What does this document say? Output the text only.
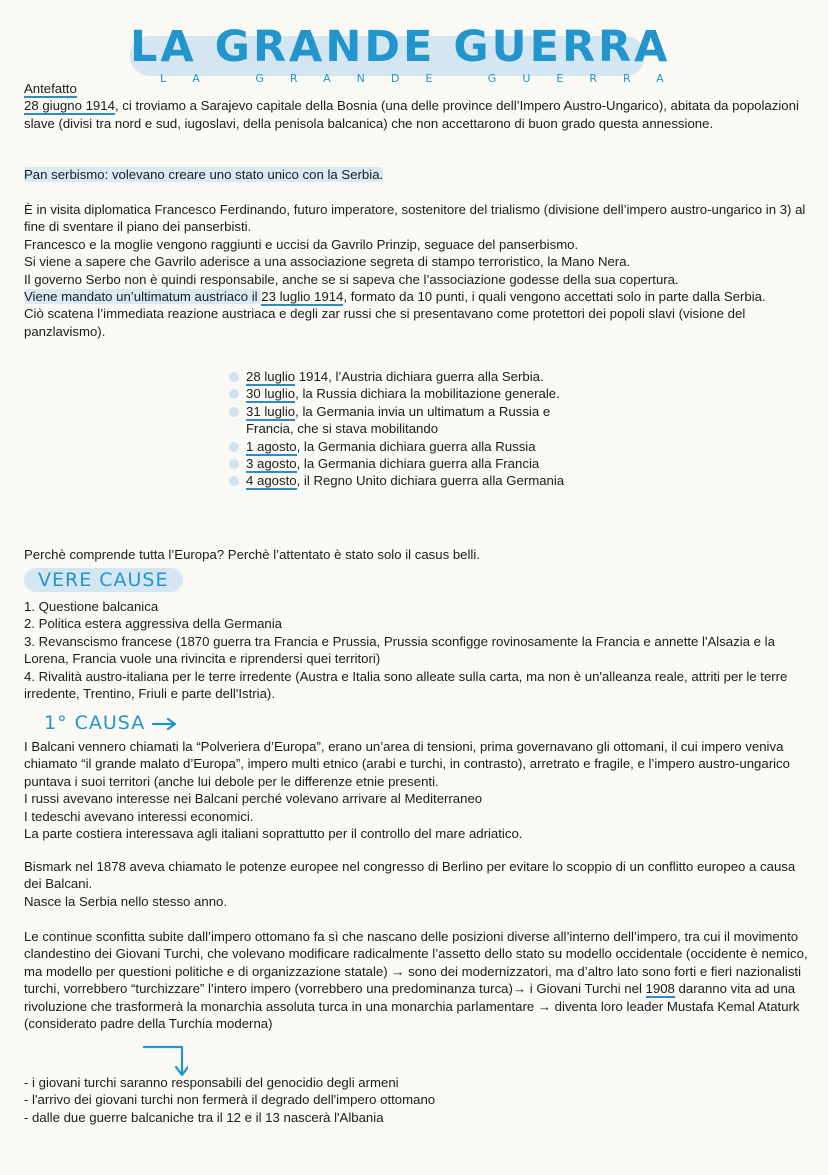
LA GRANDE GUERRA
LA GRANDE GUERRA

Antefatto

28 giugno 1914, ci troviamo a Sarajevo capitale della Bosnia (una delle province dell’Impero Austro-Ungarico), abitata da popolazioni slave (divisi tra nord e sud, iugoslavi, della penisola balcanica) che non accettarono di buon grado questa annessione.

Pan serbismo: volevano creare uno stato unico con la Serbia.

È in visita diplomatica Francesco Ferdinando, futuro imperatore, sostenitore del trialismo (divisione dell’impero austro-ungarico in 3) al fine di sventare il piano dei panserbisti.

Francesco e la moglie vengono raggiunti e uccisi da Gavrilo Prinzip, seguace del panserbismo.

Si viene a sapere che Gavrilo aderisce a una associazione segreta di stampo terroristico, la Mano Nera.

Il governo Serbo non è quindi responsabile, anche se si sapeva che l’associazione godesse della sua copertura.

Viene mandato un’ultimatum austriaco il 23 luglio 1914, formato da 10 punti, i quali vengono accettati solo in parte dalla Serbia.

Ciò scatena l’immediata reazione austriaca e degli zar russi che si presentavano come protettori dei popoli slavi (visione del panzlavismo).

28 luglio 1914, l’Austria dichiara guerra alla Serbia.
30 luglio, la Russia dichiara la mobilitazione generale.
31 luglio, la Germania invia un ultimatum a Russia e Francia, che si stava mobilitando
1 agosto, la Germania dichiara guerra alla Russia
3 agosto, la Germania dichiara guerra alla Francia
4 agosto, il Regno Unito dichiara guerra alla Germania

Perchè comprende tutta l’Europa? Perchè l’attentato è stato solo il casus belli.

VERE CAUSE

1. Questione balcanica

2. Politica estera aggressiva della Germania

3. Revanscismo francese (1870 guerra tra Francia e Prussia, Prussia sconfigge rovinosamente la Francia e annette l'Alsazia e la Lorena, Francia vuole una rivincita e riprendersi quei territori)

4. Rivalità austro-italiana per le terre irredente (Austra e Italia sono alleate sulla carta, ma non è un'alleanza reale, attriti per le terre irredente, Trentino, Friuli e parte dell'Istria).

1° CAUSA

I Balcani vennero chiamati la “Polveriera d’Europa”, erano un’area di tensioni, prima governavano gli ottomani, il cui impero veniva chiamato “il grande malato d’Europa”, impero multi etnico (arabi e turchi, in contrasto), arretrato e fragile, e l’impero austro-ungarico puntava i suoi territori (anche lui debole per le differenze etnie presenti.

I russi avevano interesse nei Balcani perché volevano arrivare al Mediterraneo

I tedeschi avevano interessi economici.

La parte costiera interessava agli italiani soprattutto per il controllo del mare adriatico.

Bismark nel 1878 aveva chiamato le potenze europee nel congresso di Berlino per evitare lo scoppio di un conflitto europeo a causa dei Balcani.

Nasce la Serbia nello stesso anno.

Le continue sconfitta subite dall’impero ottomano fa sì che nascano delle posizioni diverse all’interno dell’impero, tra cui il movimento clandestino dei Giovani Turchi, che volevano modificare radicalmente l’assetto dello stato su modello occidentale (occidente è nemico, ma modello per questioni politiche e di organizzazione statale) → sono dei modernizzatori, ma d’altro lato sono forti e fieri nazionalisti turchi, vorrebbero “turchizzare” l’intero impero (vorrebbero una predominanza turca)→ i Giovani Turchi nel 1908 daranno vita ad una rivoluzione che trasformerà la monarchia assoluta turca in una monarchia parlamentare → diventa loro leader Mustafa Kemal Ataturk (considerato padre della Turchia moderna)

- i giovani turchi saranno responsabili del genocidio degli armeni

- l'arrivo dei giovani turchi non fermerà il degrado dell'impero ottomano

- dalle due guerre balcaniche tra il 12 e il 13 nascerà l'Albania
